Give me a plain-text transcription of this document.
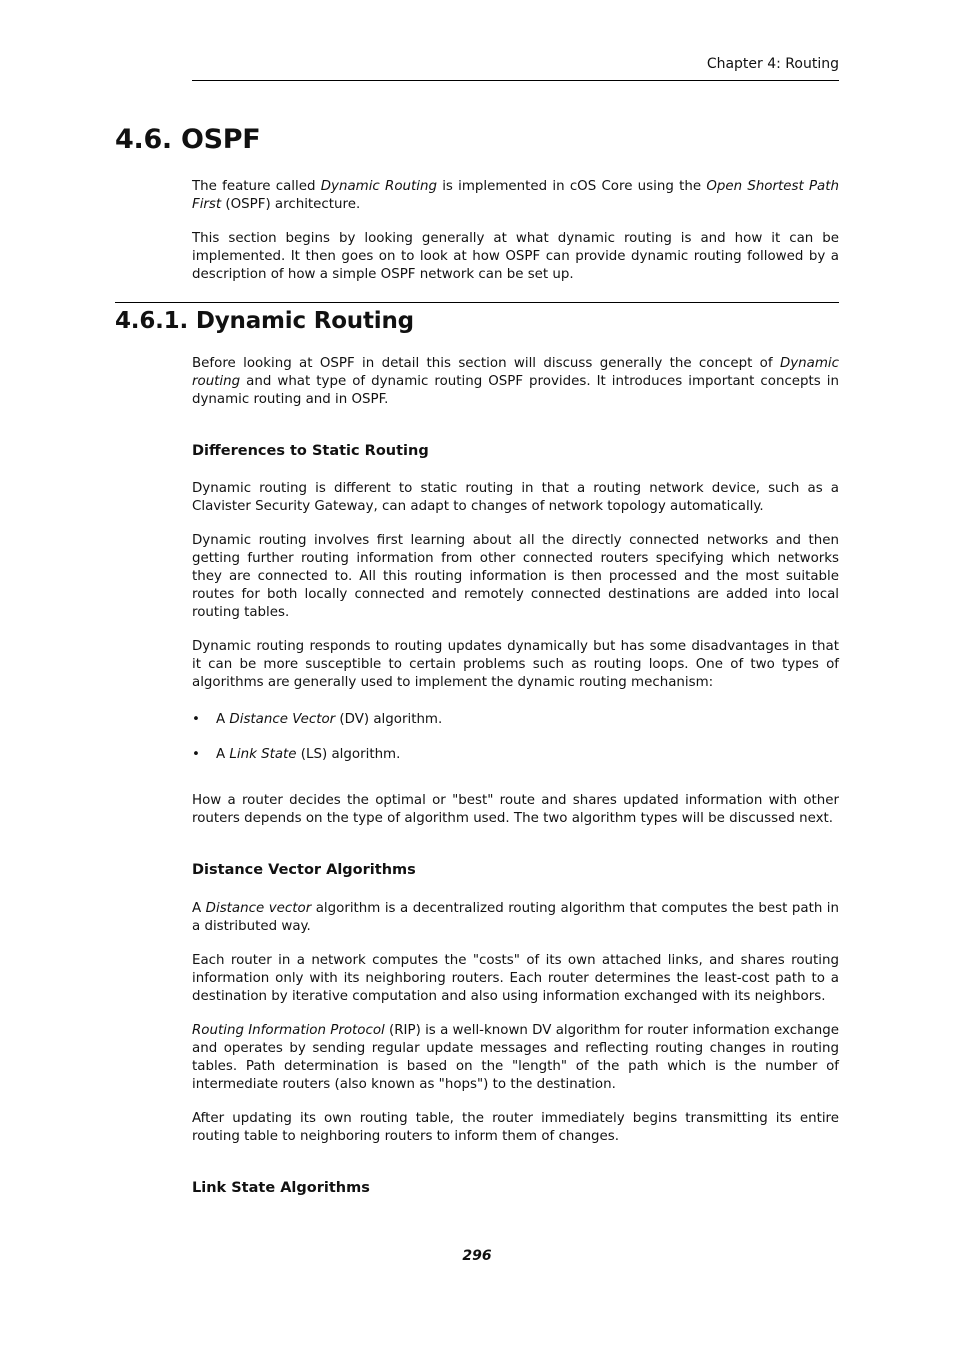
Chapter 4: Routing
4.6. OSPF

The feature called Dynamic Routing is implemented in cOS Core using the Open Shortest Path First (OSPF) architecture.

This section begins by looking generally at what dynamic routing is and how it can be implemented. It then goes on to look at how OSPF can provide dynamic routing followed by a description of how a simple OSPF network can be set up.

4.6.1. Dynamic Routing

Before looking at OSPF in detail this section will discuss generally the concept of Dynamic routing and what type of dynamic routing OSPF provides. It introduces important concepts in dynamic routing and in OSPF.

Differences to Static Routing

Dynamic routing is different to static routing in that a routing network device, such as a Clavister Security Gateway, can adapt to changes of network topology automatically.

Dynamic routing involves first learning about all the directly connected networks and then getting further routing information from other connected routers specifying which networks they are connected to. All this routing information is then processed and the most suitable routes for both locally connected and remotely connected destinations are added into local routing tables.

Dynamic routing responds to routing updates dynamically but has some disadvantages in that it can be more susceptible to certain problems such as routing loops. One of two types of algorithms are generally used to implement the dynamic routing mechanism:

• A Distance Vector (DV) algorithm.
• A Link State (LS) algorithm.

How a router decides the optimal or "best" route and shares updated information with other routers depends on the type of algorithm used. The two algorithm types will be discussed next.

Distance Vector Algorithms

A Distance vector algorithm is a decentralized routing algorithm that computes the best path in a distributed way.

Each router in a network computes the "costs" of its own attached links, and shares routing information only with its neighboring routers. Each router determines the least-cost path to a destination by iterative computation and also using information exchanged with its neighbors.

Routing Information Protocol (RIP) is a well-known DV algorithm for router information exchange and operates by sending regular update messages and reflecting routing changes in routing tables. Path determination is based on the "length" of the path which is the number of intermediate routers (also known as "hops") to the destination.

After updating its own routing table, the router immediately begins transmitting its entire routing table to neighboring routers to inform them of changes.

Link State Algorithms
296
